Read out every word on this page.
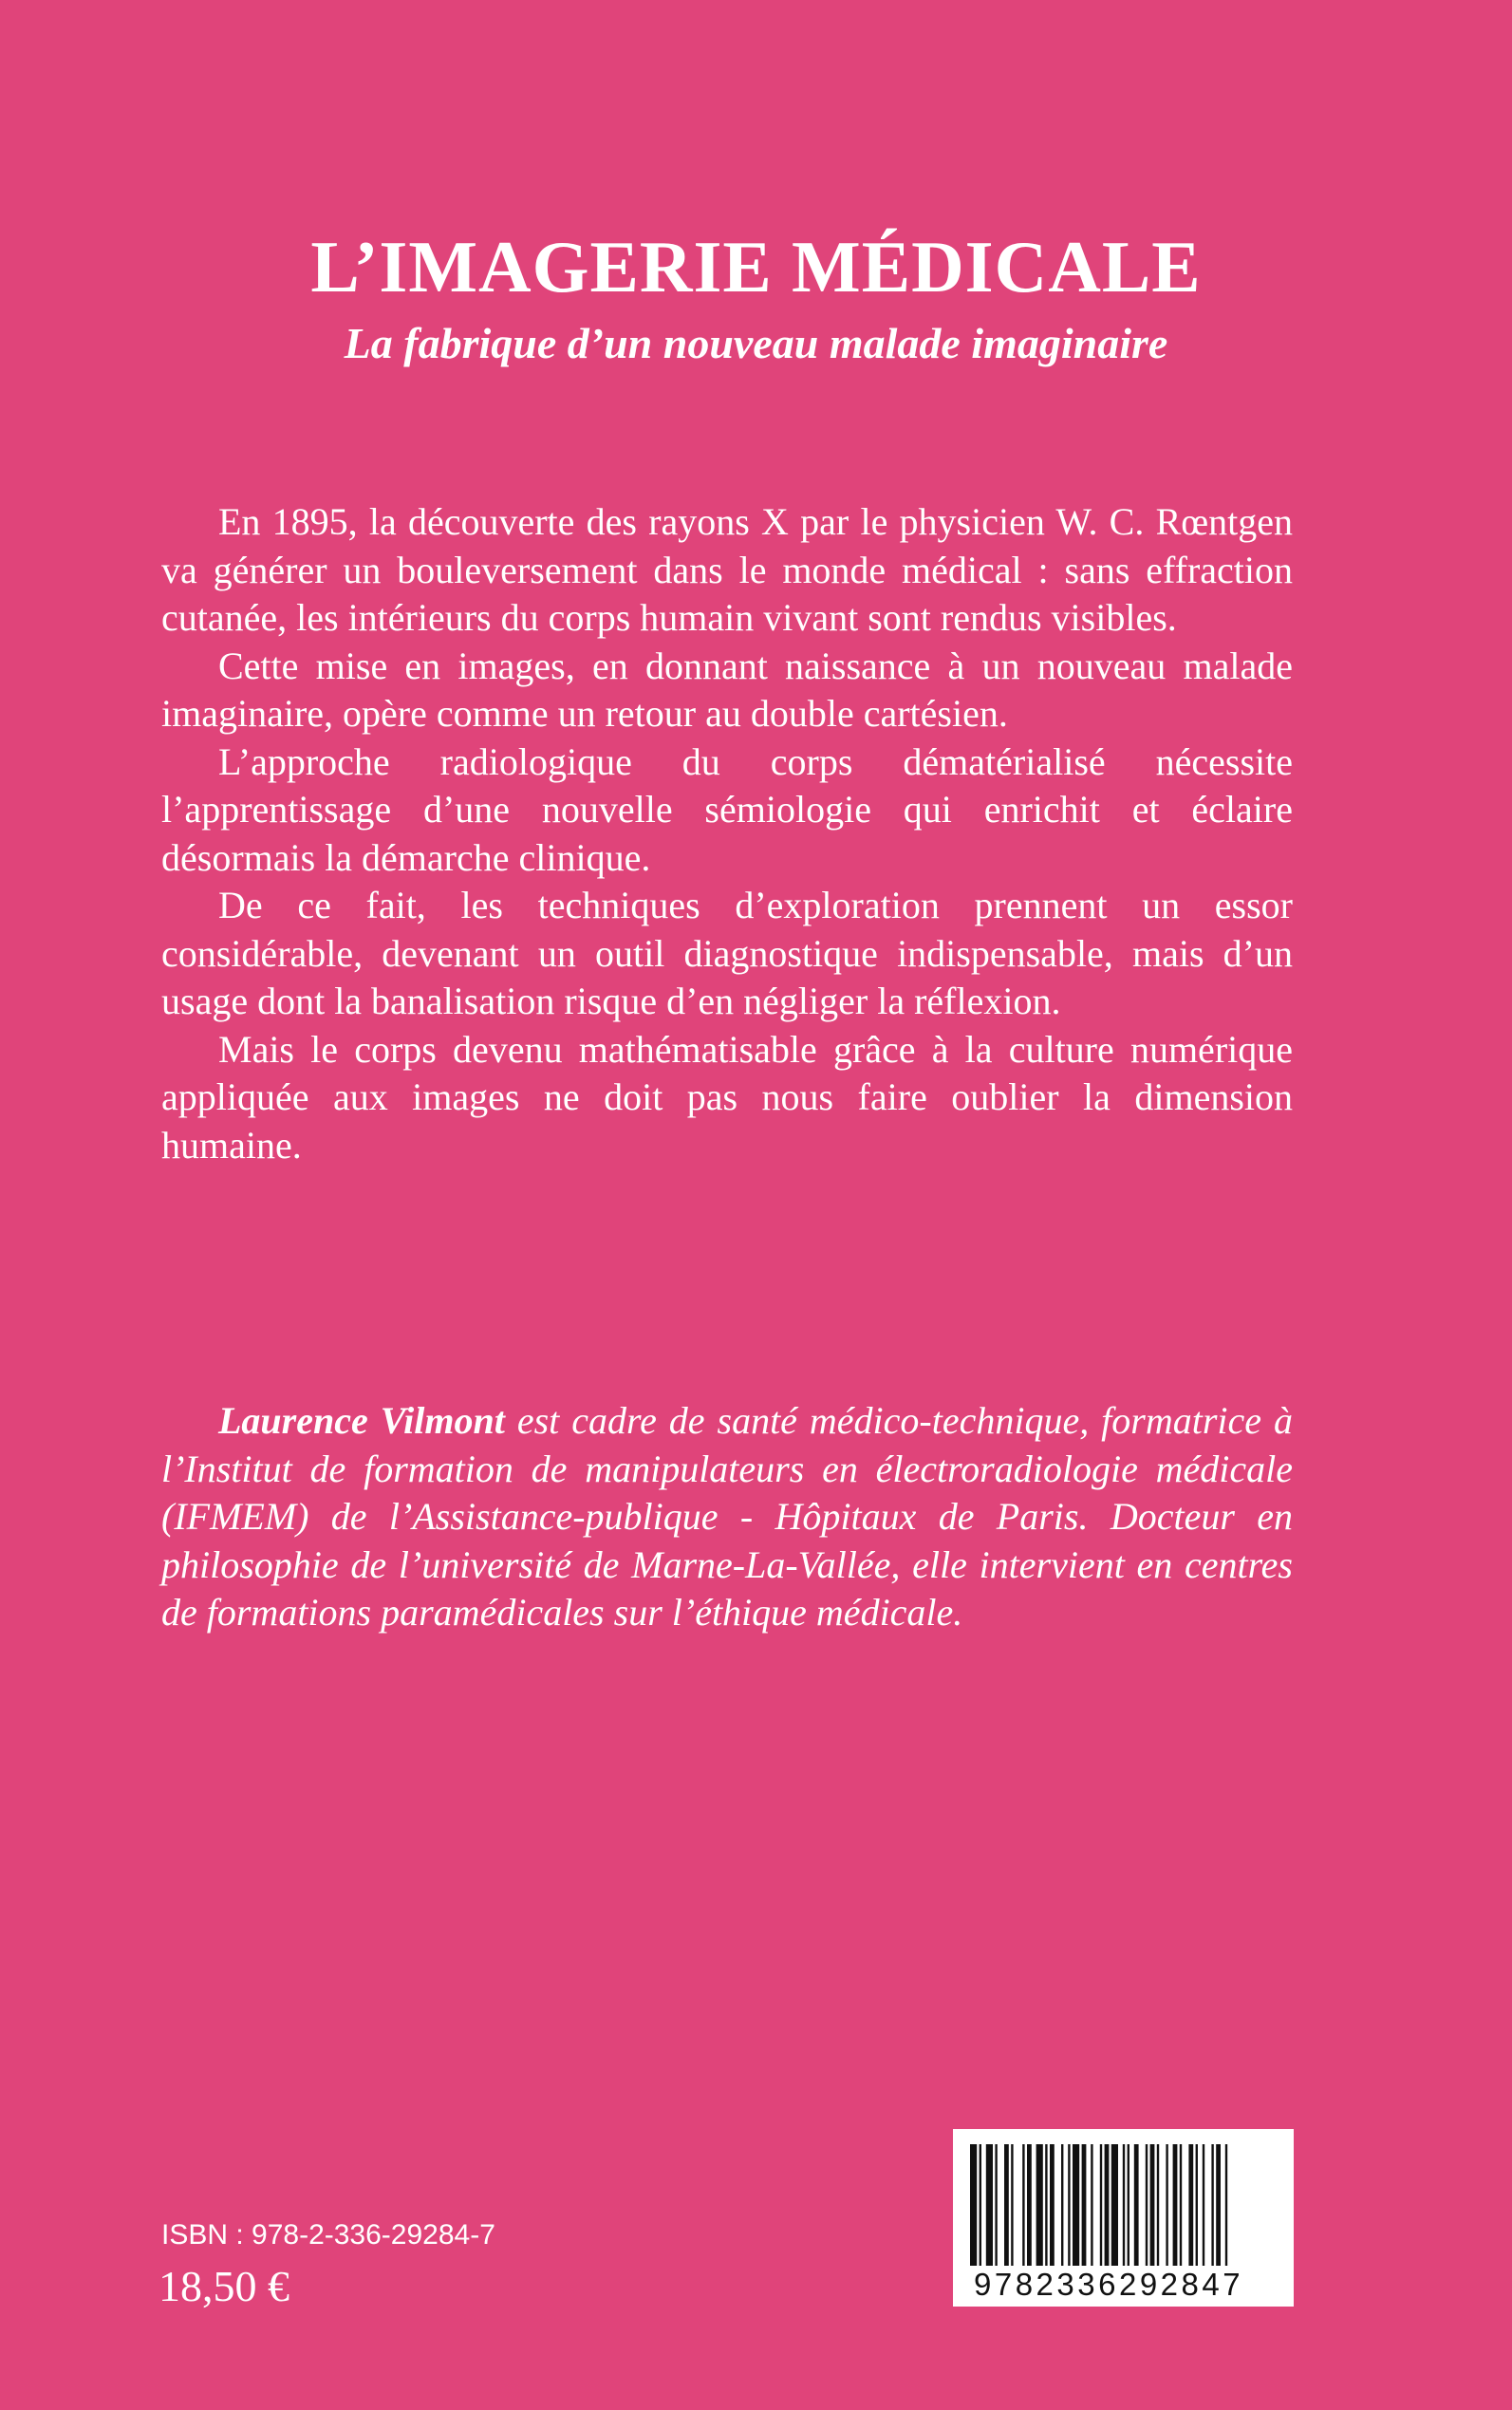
L’IMAGERIE MÉDICALE
La fabrique d’un nouveau malade imaginaire

En 1895, la découverte des rayons X par le physicien W. C. Rœntgen va générer un bouleversement dans le monde médical : sans effraction cutanée, les intérieurs du corps humain vivant sont rendus visibles.

Cette mise en images, en donnant naissance à un nouveau malade imaginaire, opère comme un retour au double cartésien.

L’approche radiologique du corps dématérialisé nécessite l’apprentissage d’une nouvelle sémiologie qui enrichit et éclaire désormais la démarche clinique.

De ce fait, les techniques d’exploration prennent un essor considérable, devenant un outil diagnostique indispensable, mais d’un usage dont la banalisation risque d’en négliger la réflexion.

Mais le corps devenu mathématisable grâce à la culture numérique appliquée aux images ne doit pas nous faire oublier la dimension humaine.

Laurence Vilmont est cadre de santé médico-technique, formatrice à l’Institut de formation de manipulateurs en électroradiologie médicale (IFMEM) de l’Assistance-publique - Hôpitaux de Paris. Docteur en philosophie de l’université de Marne-La-Vallée, elle intervient en centres de formations paramédicales sur l’éthique médicale.

ISBN : 978-2-336-29284-7

18,50 €	9782336292847
